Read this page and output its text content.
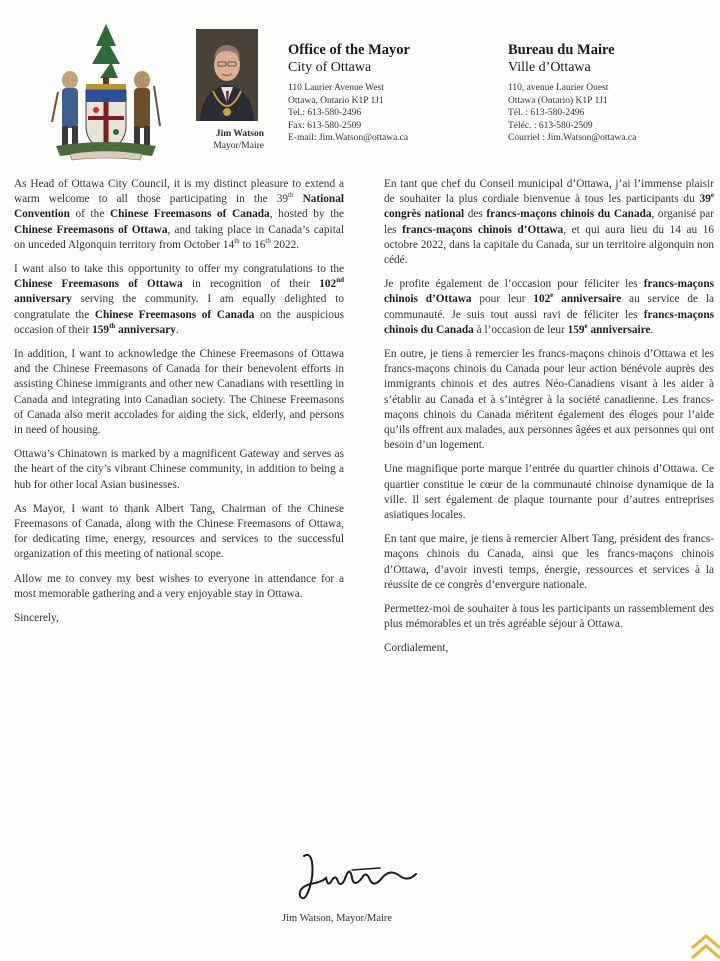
Jim Watson
Mayor/Maire
Office of the Mayor
City of Ottawa
110 Laurier Avenue West
Ottawa, Ontario K1P 1J1
Tel.: 613-580-2496
Fax: 613-580-2509
E-mail: Jim.Watson@ottawa.ca
Bureau du Maire
Ville d’Ottawa
110, avenue Laurier Ouest
Ottawa (Ontario) K1P 1J1
Tél. : 613-580-2496
Téléc. : 613-580-2509
Courriel : Jim.Watson@ottawa.ca

As Head of Ottawa City Council, it is my distinct pleasure to extend a warm welcome to all those participating in the 39th National Convention of the Chinese Freemasons of Canada, hosted by the Chinese Freemasons of Ottawa, and taking place in Canada’s capital on unceded Algonquin territory from October 14th to 16th 2022.

I want also to take this opportunity to offer my congratulations to the Chinese Freemasons of Ottawa in recognition of their 102nd anniversary serving the community. I am equally delighted to congratulate the Chinese Freemasons of Canada on the auspicious occasion of their 159th anniversary.

In addition, I want to acknowledge the Chinese Freemasons of Ottawa and the Chinese Freemasons of Canada for their benevolent efforts in assisting Chinese immigrants and other new Canadians with resettling in Canada and integrating into Canadian society. The Chinese Freemasons of Canada also merit accolades for aiding the sick, elderly, and persons in need of housing.

Ottawa’s Chinatown is marked by a magnificent Gateway and serves as the heart of the city’s vibrant Chinese community, in addition to being a hub for other local Asian businesses.

As Mayor, I want to thank Albert Tang, Chairman of the Chinese Freemasons of Canada, along with the Chinese Freemasons of Ottawa, for dedicating time, energy, resources and services to the successful organization of this meeting of national scope.

Allow me to convey my best wishes to everyone in attendance for a most memorable gathering and a very enjoyable stay in Ottawa.

Sincerely,

En tant que chef du Conseil municipal d’Ottawa, j’ai l’immense plaisir de souhaiter la plus cordiale bienvenue à tous les participants du 39e congrès national des francs-maçons chinois du Canada, organisé par les francs-maçons chinois d’Ottawa, et qui aura lieu du 14 au 16 octobre 2022, dans la capitale du Canada, sur un territoire algonquin non cédé.

Je profite également de l’occasion pour féliciter les francs-maçons chinois d’Ottawa pour leur 102e anniversaire au service de la communauté. Je suis tout aussi ravi de féliciter les francs-maçons chinois du Canada à l’occasion de leur 159e anniversaire.

En outre, je tiens à remercier les francs-maçons chinois d’Ottawa et les francs-maçons chinois du Canada pour leur action bénévole auprès des immigrants chinois et des autres Néo-Canadiens visant à les aider à s’établir au Canada et à s’intégrer à la société canadienne. Les francs-maçons chinois du Canada méritent également des éloges pour l’aide qu’ils offrent aux malades, aux personnes âgées et aux personnes qui ont besoin d’un logement.

Une magnifique porte marque l’entrée du quartier chinois d’Ottawa. Ce quartier constitue le cœur de la communauté chinoise dynamique de la ville. Il sert également de plaque tournante pour d’autres entreprises asiatiques locales.

En tant que maire, je tiens à remercier Albert Tang, président des francs-maçons chinois du Canada, ainsi que les francs-maçons chinois d’Ottawa, d’avoir investi temps, énergie, ressources et services à la réussite de ce congrès d’envergure nationale.

Permettez-moi de souhaiter à tous les participants un rassemblement des plus mémorables et un très agréable séjour à Ottawa.

Cordialement,

Jim Watson, Mayor/Maire
